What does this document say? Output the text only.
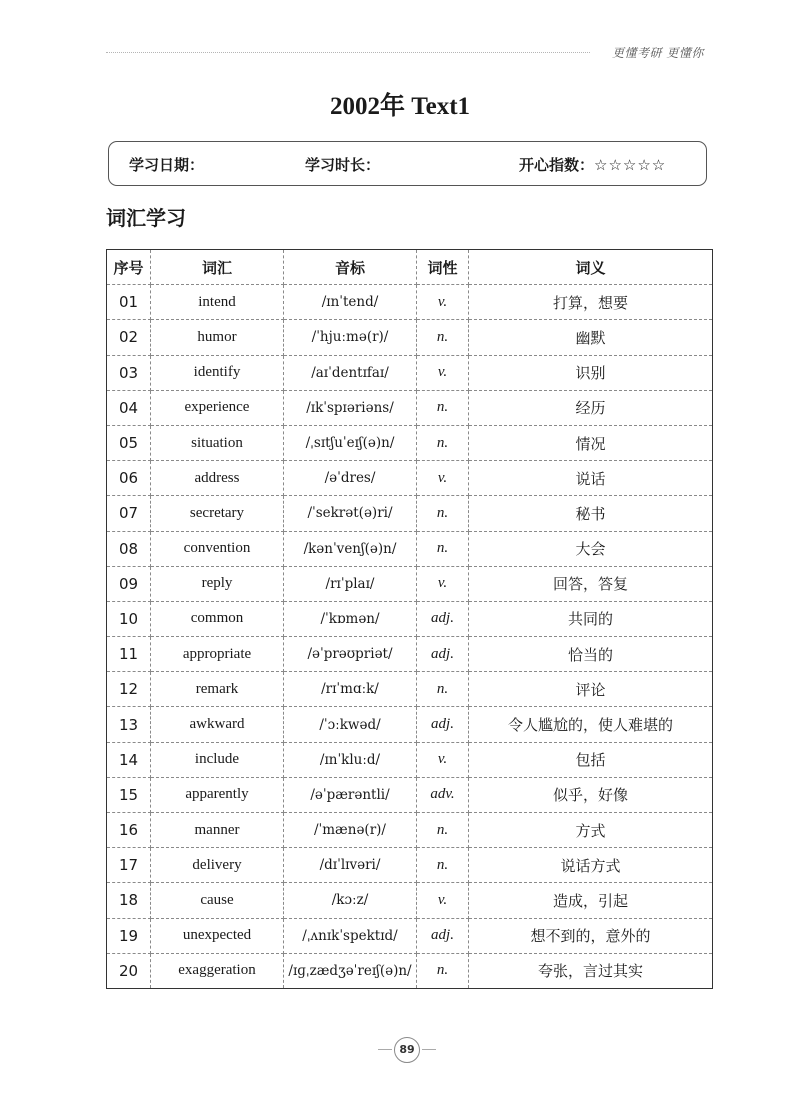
更懂考研 更懂你
2002年 Text1
学习日期：	学习时长：	开心指数：☆☆☆☆☆
词汇学习
序号	词汇	音标	词性	词义
01	intend	/ɪnˈtend/	v.	打算，想要
02	humor	/ˈhjuːmə(r)/	n.	幽默
03	identify	/aɪˈdentɪfaɪ/	v.	识别
04	experience	/ɪkˈspɪəriəns/	n.	经历
05	situation	/ˌsɪtʃuˈeɪʃ(ə)n/	n.	情况
06	address	/əˈdres/	v.	说话
07	secretary	/ˈsekrət(ə)ri/	n.	秘书
08	convention	/kənˈvenʃ(ə)n/	n.	大会
09	reply	/rɪˈplaɪ/	v.	回答，答复
10	common	/ˈkɒmən/	adj.	共同的
11	appropriate	/əˈprəʊpriət/	adj.	恰当的
12	remark	/rɪˈmɑːk/	n.	评论
13	awkward	/ˈɔːkwəd/	adj.	令人尴尬的，使人难堪的
14	include	/ɪnˈkluːd/	v.	包括
15	apparently	/əˈpærəntli/	adv.	似乎，好像
16	manner	/ˈmænə(r)/	n.	方式
17	delivery	/dɪˈlɪvəri/	n.	说话方式
18	cause	/kɔːz/	v.	造成，引起
19	unexpected	/ˌʌnɪkˈspektɪd/	adj.	想不到的，意外的
20	exaggeration	/ɪɡˌzædʒəˈreɪʃ(ə)n/	n.	夸张，言过其实
89
